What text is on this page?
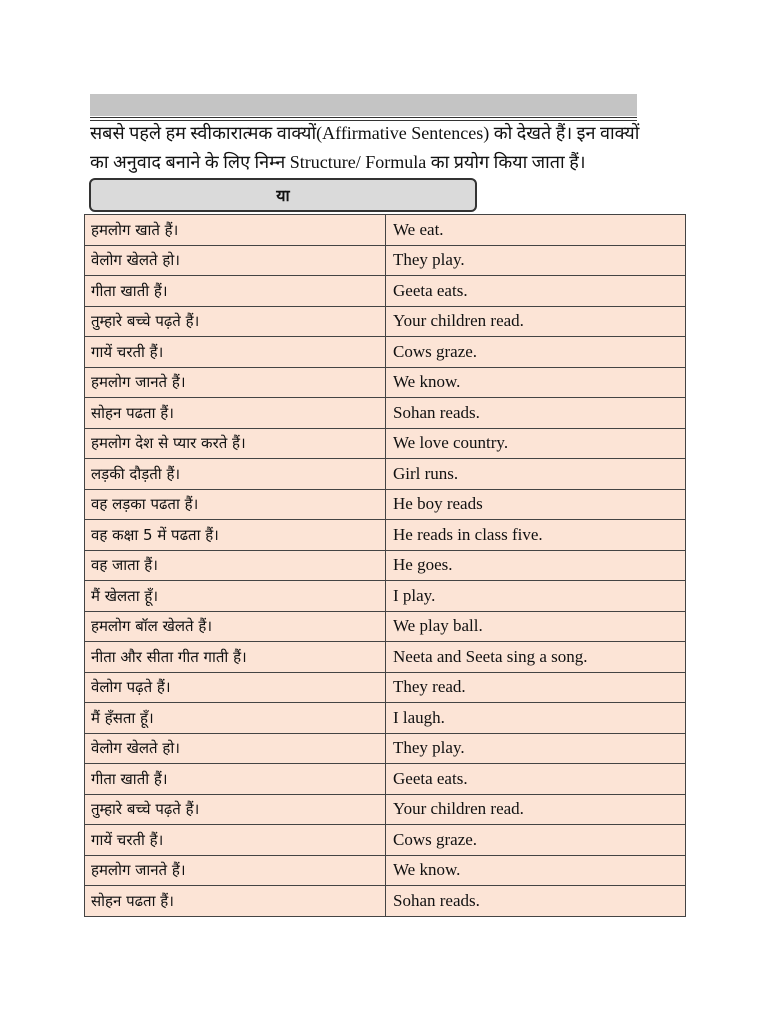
सबसे पहले हम स्वीकारात्मक वाक्यों(Affirmative Sentences) को देखते हैं। इन वाक्यों
का अनुवाद बनाने के लिए निम्न Structure/ Formula का प्रयोग किया जाता हैं।

या
हमलोग खाते हैं।	We eat.
वेलोग खेलते हो।	They play.
गीता खाती हैं।	Geeta eats.
तुम्हारे बच्चे पढ़ते हैं।	Your children read.
गायें चरती हैं।	Cows graze.
हमलोग जानते हैं।	We know.
सोहन पढता हैं।	Sohan reads.
हमलोग देश से प्यार करते हैं।	We love country.
लड़की दौड़ती हैं।	Girl runs.
वह लड़का पढता हैं।	He boy reads
वह कक्षा 5 में पढता हैं।	He reads in class five.
वह जाता हैं।	He goes.
मैं खेलता हूँ।	I play.
हमलोग बॉल खेलते हैं।	We play ball.
नीता और सीता गीत गाती हैं।	Neeta and Seeta sing a song.
वेलोग पढ़ते हैं।	They read.
मैं हँसता हूँ।	I laugh.
वेलोग खेलते हो।	They play.
गीता खाती हैं।	Geeta eats.
तुम्हारे बच्चे पढ़ते हैं।	Your children read.
गायें चरती हैं।	Cows graze.
हमलोग जानते हैं।	We know.
सोहन पढता हैं।	Sohan reads.
